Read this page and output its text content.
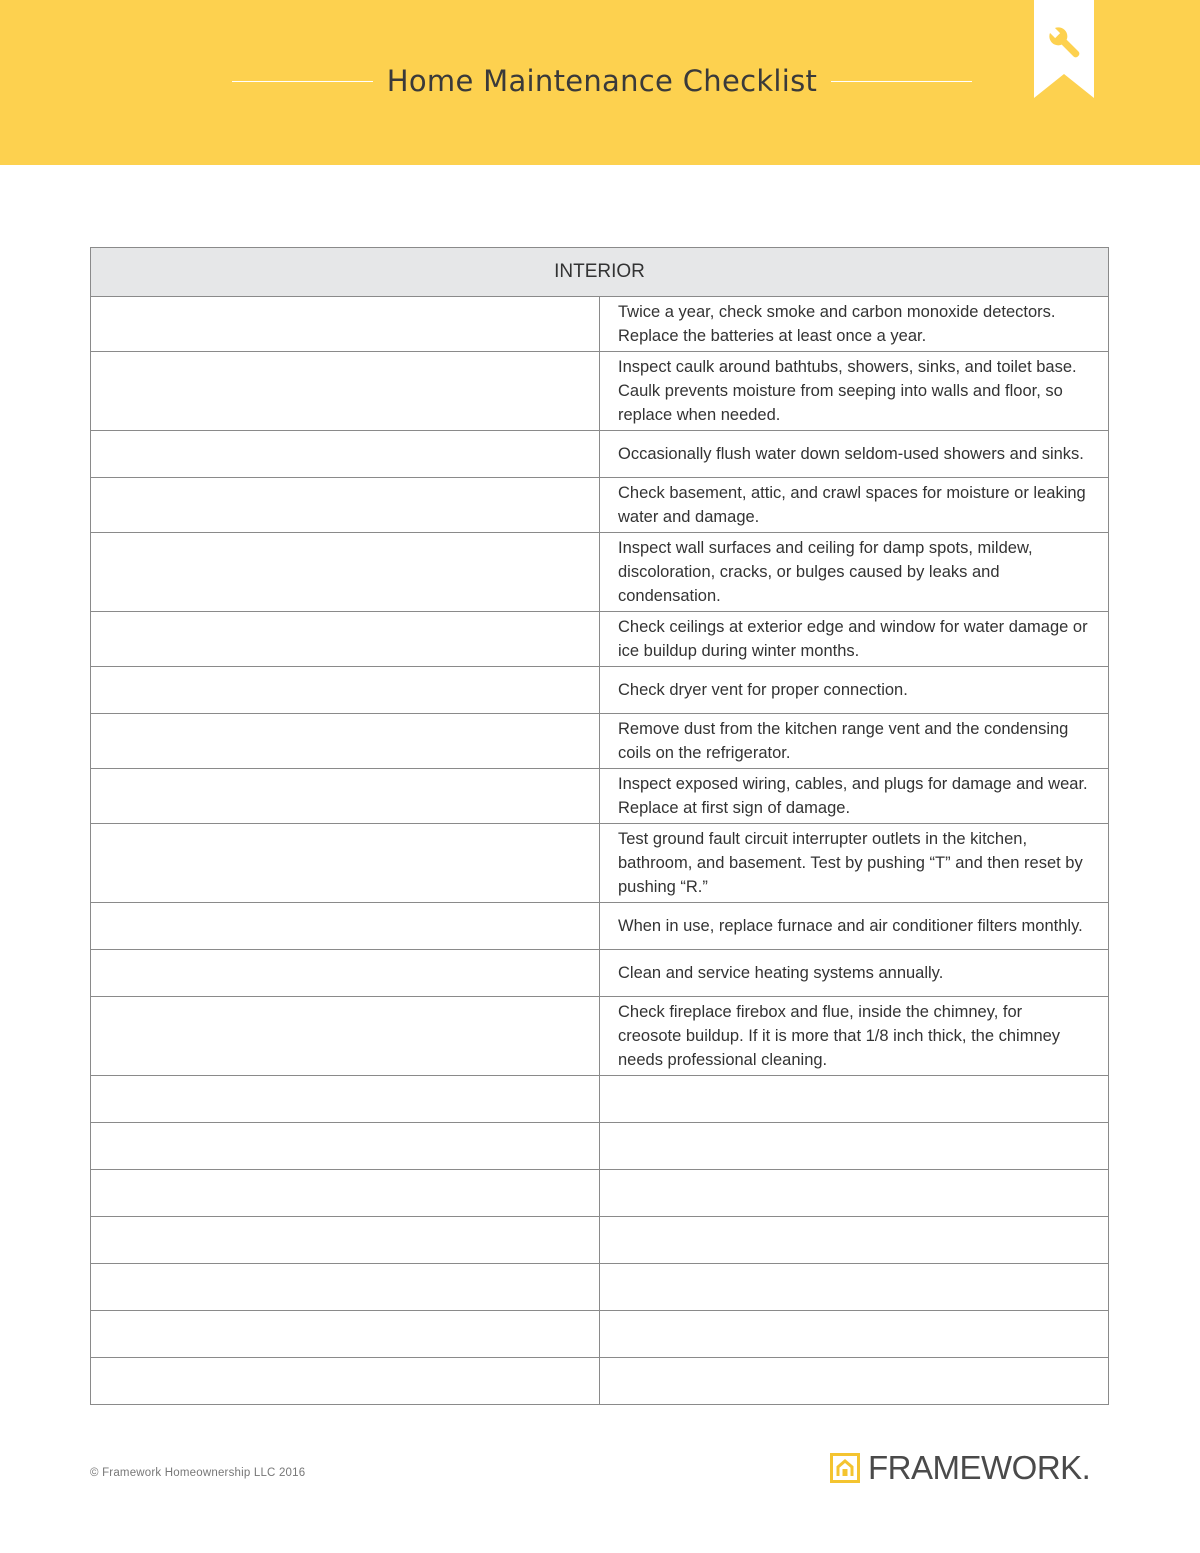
Home Maintenance Checklist
INTERIOR	
	Twice a year, check smoke and carbon monoxide detectors. Replace the batteries at least once a year.
	Inspect caulk around bathtubs, showers, sinks, and toilet base. Caulk prevents moisture from seeping into walls and floor, so replace when needed.
	Occasionally flush water down seldom-used showers and sinks.
	Check basement, attic, and crawl spaces for moisture or leaking water and damage.
	Inspect wall surfaces and ceiling for damp spots, mildew, discoloration, cracks, or bulges caused by leaks and condensation.
	Check ceilings at exterior edge and window for water damage or ice buildup during winter months.
	Check dryer vent for proper connection.
	Remove dust from the kitchen range vent and the condensing coils on the refrigerator.
	Inspect exposed wiring, cables, and plugs for damage and wear. Replace at first sign of damage.
	Test ground fault circuit interrupter outlets in the kitchen, bathroom, and basement. Test by pushing “T” and then reset by pushing “R.”
	When in use, replace furnace and air conditioner filters monthly.
	Clean and service heating systems annually.
	Check fireplace firebox and flue, inside the chimney, for creosote buildup. If it is more that 1/8 inch thick, the chimney needs professional cleaning.

© Framework Homeownership LLC 2016	FRAMEWORK.
